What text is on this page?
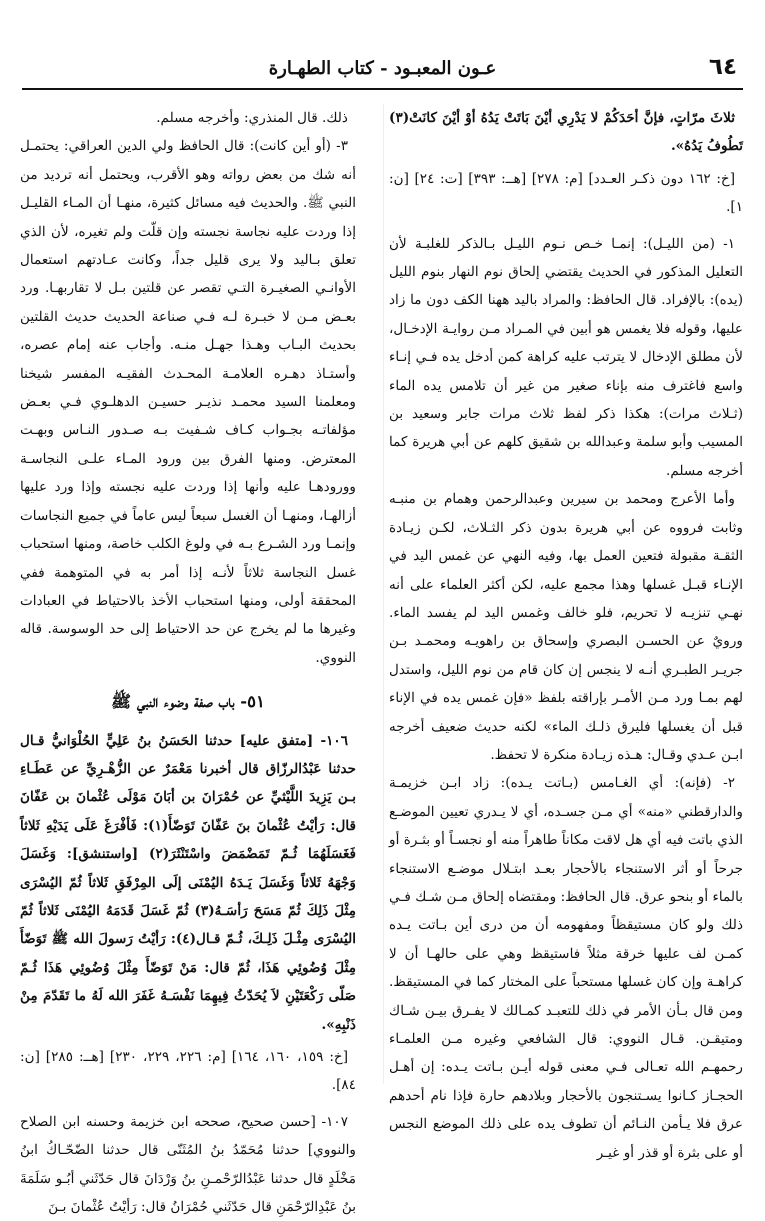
٦٤
عـون المعبـود - كتاب الطهـارة

ثلاثَ مرّاتٍ، فإنَّ أحَدَكُمْ لا يَدْرِي أيْنَ بَاتَتْ يَدُهُ أوْ أيْنَ كانَتْ(٣) تَطُوفُ يَدُهُ».

[خ: ١٦٢ دون ذكـر العـدد] [م: ٢٧٨] [هــ: ٣٩٣] [ت: ٢٤] [ن: ١].

١- (من الليـل): إنمـا خـص نـوم الليـل بـالذكر للغلبـة لأن التعليل المذكور في الحديث يقتضي إلحاق نوم النهار بنوم الليل (يده): بالإفراد. قال الحافظ: والمراد باليد ههنا الكف دون ما زاد عليها، وقوله فلا يغمس هو أبين في المـراد مـن روايـة الإدخـال، لأن مطلق الإدخال لا يترتب عليه كراهة كمن أدخل يده فـي إنـاء واسع فاغترف منه بإناء صغير من غير أن تلامس يده الماء (ثـلاث مرات): هكذا ذكر لفظ ثلاث مرات جابر وسعيد بن المسيب وأبو سلمة وعبدالله بن شقيق كلهم عن أبي هريرة كما أخرجه مسلم.

وأما الأعرج ومحمد بن سيرين وعبدالرحمن وهمام بن منبـه وثابت فرووه عن أبي هريرة بدون ذكر الثـلاث، لكـن زيـادة الثقـة مقبولة فتعين العمل بها، وفيه النهي عن غمس اليد في الإنـاء قبـل غسلها وهذا مجمع عليه، لكن أكثر العلماء على أنه نهـي تنزيـه لا تحريم، فلو خالف وغمس اليد لم يفسد الماء. ورويٌ عن الحسـن البصري وإسحاق بن راهويـه ومحمـد بـن جريـر الطبـري أنـه لا ينجس إن كان قام من نوم الليل، واستدل لهم بمـا ورد مـن الأمـر بإراقته بلفظ «فإن غمس يده في الإناء قبل أن يغسلها فليرق ذلـك الماء» لكنه حديث ضعيف أخرجه ابـن عـدي وقـال: هـذه زيـادة منكرة لا تحفظ.

٢- (فإنه): أي الغـامس (بـاتت يـده): زاد ابـن خزيمـة والدارقطني «منه» أي مـن جسـده، أي لا يـدري تعيين الموضـع الذي باتت فيه أي هل لاقت مكاناً طاهراً منه أو نجسـاً أو بثـرة أو جرحاً أو أثر الاستنجاء بالأحجار بعـد ابتـلال موضـع الاستنجاء بالماء أو بنحو عرق. قال الحافظ: ومقتضاه إلحاق مـن شـك فـي ذلك ولو كان مستيقظاً ومفهومه أن من درى أين بـاتت يـده كمـن لف عليها خرقة مثلاً فاستيقظ وهي على حالهـا أن لا كراهـة وإن كان غسلها مستحباً على المختار كما في المستيقظ. ومن قال بـأن الأمر في ذلك للتعبـد كمـالك لا يفـرق بيـن شـاك ومتيقـن. قـال النووي: قال الشافعي وغيره مـن العلمـاء رحمهـم الله تعـالى فـي معنى قوله أيـن بـاتت يـده: إن أهـل الحجـاز كـانوا يسـتنجون بالأحجار وبلادهم حارة فإذا نام أحدهم عرق فلا يـأمن النـائم أن تطوف يده على ذلك الموضع النجس أو على بثرة أو قذر أو غيـر

ذلك. قال المنذري: وأخرجه مسلم.

٣- (أو أين كانت): قال الحافظ ولي الدين العراقي: يحتمـل أنه شك من بعض رواته وهو الأقرب، ويحتمل أنه ترديد من النبي ﷺ. والحديث فيه مسائل كثيرة، منهـا أن المـاء القليـل إذا وردت عليه نجاسة نجسته وإن قلّت ولم تغيره، لأن الذي تعلق بـاليد ولا يرى قليل جداً، وكانت عـادتهم استعمال الأوانـي الصغيـرة التـي تقصر عن قلتين بـل لا تقاربهـا. ورد بعـض مـن لا خبـرة لـه فـي صناعة الحديث حديث القلتين بحديث البـاب وهـذا جهـل منـه. وأجاب عنه إمام عصره، وأستـاذ دهـره العلامـة المحـدث الفقيـه المفسر شيخنا ومعلمنا السيد محمـد نذيـر حسيـن الدهلـوي فـي بعـض مؤلفاتـه بجـواب كـاف شـفيت بـه صـدور النـاس وبهـت المعترض. ومنها الفرق بين ورود المـاء علـى النجاسـة وورودهـا عليه وأنها إذا وردت عليه نجسته وإذا ورد عليها أزالهـا، ومنهـا أن الغسل سبعاً ليس عاماً في جميع النجاسات وإنمـا ورد الشـرع بـه في ولوغ الكلب خاصة، ومنها استحباب غسل النجاسة ثلاثاً لأنـه إذا أمر به في المتوهمة ففي المحققة أولى، ومنها استحباب الأخذ بالاحتياط في العبادات وغيرها ما لم يخرج عن حد الاحتياط إلى حد الوسوسة. قاله النووي.

٥١- باب صفة وضوء النبي ﷺ

١٠٦- [متفق عليه] حدثنا الحَسَنُ بنُ عَلِيٍّ الحُلْوَانيُّ قـال حدثنا عَبْدُالرزّاق قال أخبرنا مَعْمَرٌ عن الزُّهْـرِيِّ عن عَطَـاءِ بـن يَزِيدَ اللَّيْثيِّ عن حُمْرَانَ بن أبَانَ مَوْلَى عُثْمانَ بن عَفّانَ قال: رَأيْتُ عُثْمانَ بنَ عَفّانَ تَوَضّأَ(١): فَأفْرَغَ عَلَى يَدَيْهِ ثَلاثاً فَغَسَلَهُمَا ثُـمّ تَمَضْمَضَ واسْتَنْثَرَ(٢) [واستنشق]: وَغَسَلَ وَجْهَهُ ثَلاثاً وَغَسَلَ يَـدَهُ اليُمْنَى إلَى المِرْفَقِ ثَلاثاً ثُمّ اليُسْرَى مِثْلَ ذَلِكَ ثُمّ مَسَحَ رَأسَـهُ(٣) ثُمّ غَسَلَ قَدَمَهُ اليُمْنَى ثَلاثاً ثُمّ اليُسْرَى مِثْـلَ ذَلِـكَ، ثُـمّ قـال(٤): رَأيْتُ رَسولَ الله ﷺ تَوَضّأَ مِثْلَ وُضُوئِي هَذَا، ثُمّ قال: مَنْ تَوَضّأَ مِثْلَ وُضُوئِي هَذَا ثُـمّ صَلّى رَكْعَتَيْنِ لاَ يُحَدّثُ فِيهِمَا نَفْسَـهُ غَفَرَ الله لَهُ ما تَقَدّمَ مِنْ ذَنْبِهِ».

[خ: ١٥٩، ١٦٠، ١٦٤] [م: ٢٢٦، ٢٢٩، ٢٣٠] [هــ: ٢٨٥] [ن: ٨٤].

١٠٧- [حسن صحيح، صححه ابن خزيمة وحسنه ابن الصلاح والنووي] حدثنا مُحَمّدُ بنُ المُثَنّى قال حدثنا الضّحّـاكُ ابنُ مَخْلَدٍ قال حدثنا عَبْدُالرّحْمـنِ بنُ وَرْدَانَ قال حَدّثَني أبُـو سَلَمَةَ بنُ عَبْدِالرّحْمَنِ قال حَدّثَني حُمْرَانُ قال: رَأيْتُ عُثْمانَ بـنَ
